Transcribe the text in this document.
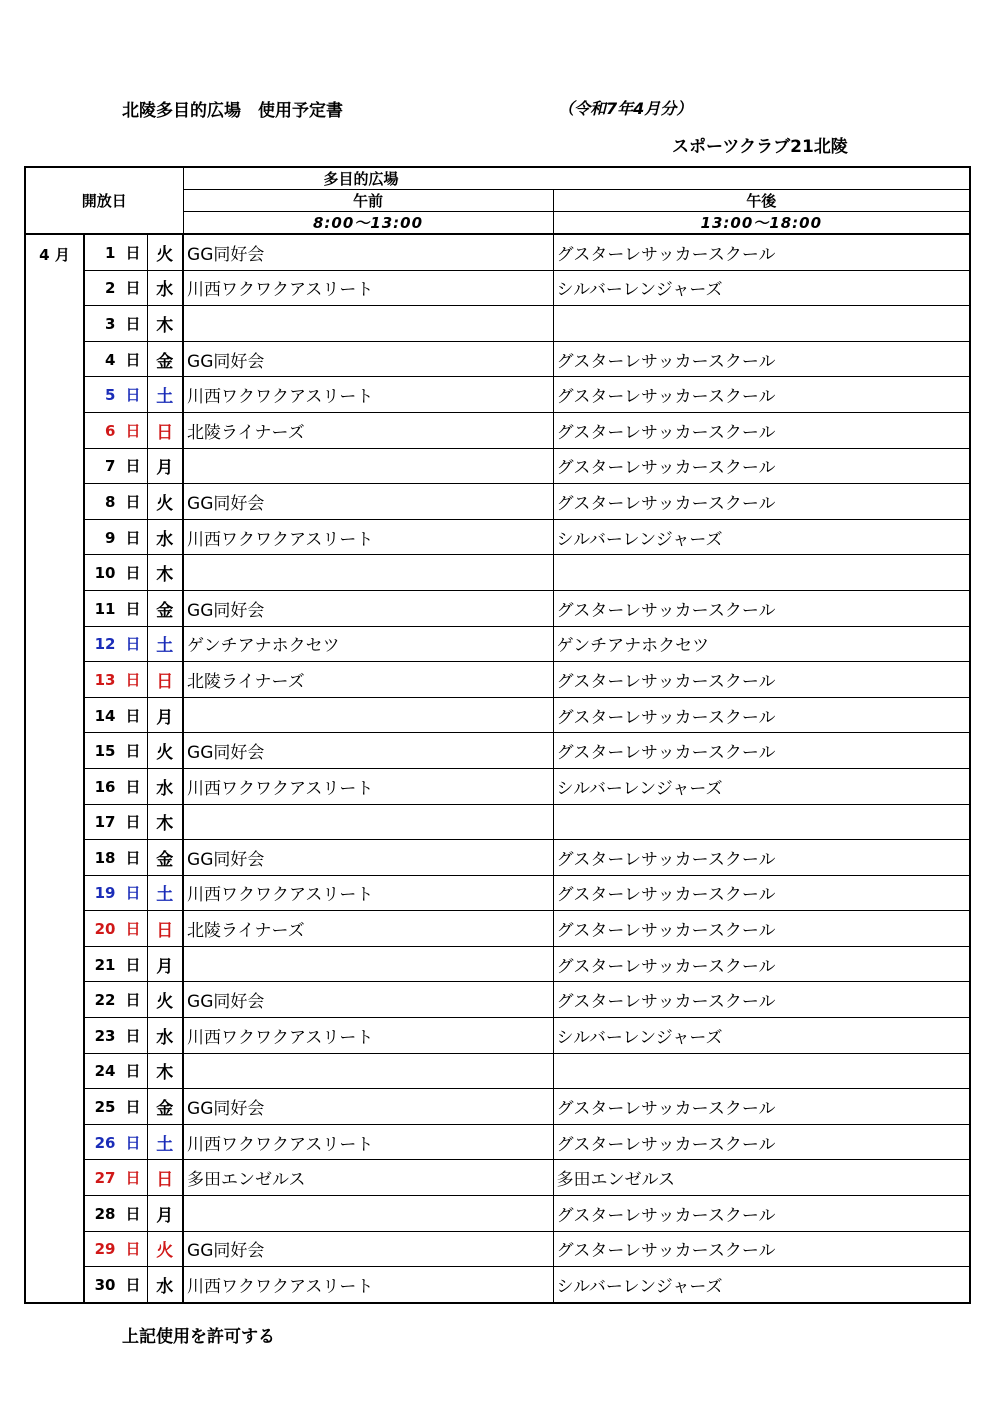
北陵多目的広場　使用予定書	（令和7年4月分）
スポーツクラブ21北陵
開放日			多目的広場	
			午前	午後
			8:00～13:00	13:00～18:00
4 月	1 日	火	GG同好会	グスターレサッカースクール
	2 日	水	川西ワクワクアスリート	シルバーレンジャーズ
	3 日	木		
	4 日	金	GG同好会	グスターレサッカースクール
	5 日	土	川西ワクワクアスリート	グスターレサッカースクール
	6 日	日	北陵ライナーズ	グスターレサッカースクール
	7 日	月		グスターレサッカースクール
	8 日	火	GG同好会	グスターレサッカースクール
	9 日	水	川西ワクワクアスリート	シルバーレンジャーズ
	10 日	木		
	11 日	金	GG同好会	グスターレサッカースクール
	12 日	土	ゲンチアナホクセツ	ゲンチアナホクセツ
	13 日	日	北陵ライナーズ	グスターレサッカースクール
	14 日	月		グスターレサッカースクール
	15 日	火	GG同好会	グスターレサッカースクール
	16 日	水	川西ワクワクアスリート	シルバーレンジャーズ
	17 日	木		
	18 日	金	GG同好会	グスターレサッカースクール
	19 日	土	川西ワクワクアスリート	グスターレサッカースクール
	20 日	日	北陵ライナーズ	グスターレサッカースクール
	21 日	月		グスターレサッカースクール
	22 日	火	GG同好会	グスターレサッカースクール
	23 日	水	川西ワクワクアスリート	シルバーレンジャーズ
	24 日	木		
	25 日	金	GG同好会	グスターレサッカースクール
	26 日	土	川西ワクワクアスリート	グスターレサッカースクール
	27 日	日	多田エンゼルス	多田エンゼルス
	28 日	月		グスターレサッカースクール
	29 日	火	GG同好会	グスターレサッカースクール
	30 日	水	川西ワクワクアスリート	シルバーレンジャーズ
上記使用を許可する
